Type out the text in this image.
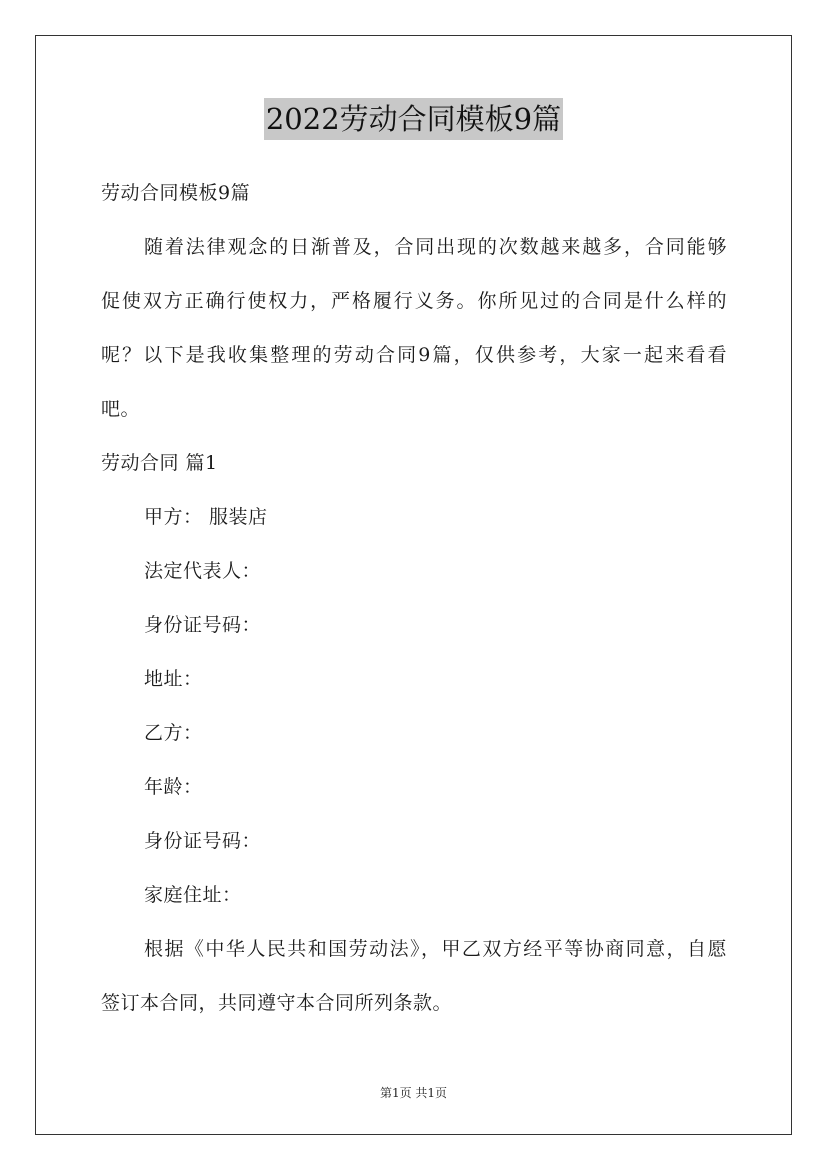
2022劳动合同模板9篇
劳动合同模板9篇
随着法律观念的日渐普及，合同出现的次数越来越多，合同能够
促使双方正确行使权力，严格履行义务。你所见过的合同是什么样的
呢？以下是我收集整理的劳动合同9篇，仅供参考，大家一起来看看
吧。
劳动合同 篇1
甲方： 服装店
法定代表人：
身份证号码：
地址：
乙方：
年龄：
身份证号码：
家庭住址：
根据《中华人民共和国劳动法》，甲乙双方经平等协商同意，自愿
签订本合同，共同遵守本合同所列条款。
第1页 共1页
